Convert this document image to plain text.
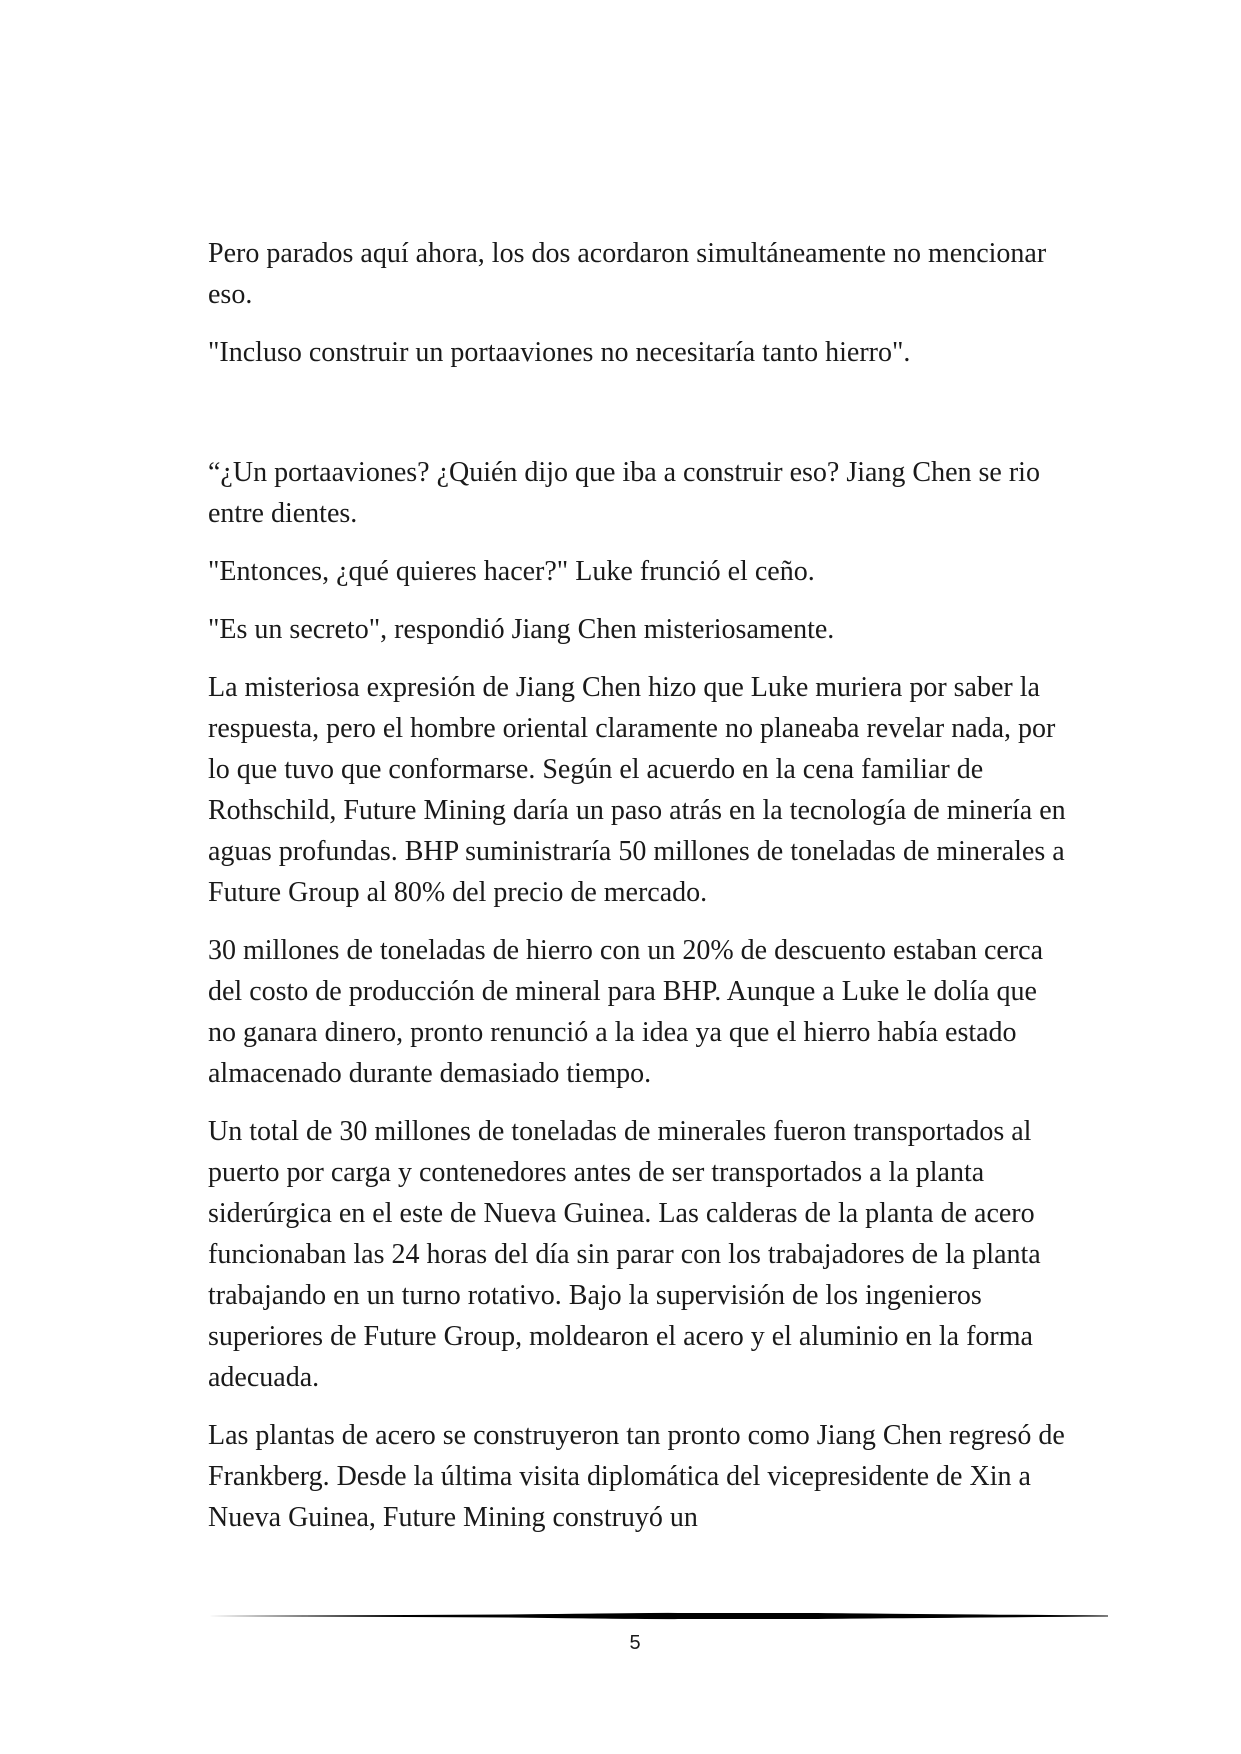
Pero parados aquí ahora, los dos acordaron simultáneamente no mencionar eso.

"Incluso construir un portaaviones no necesitaría tanto hierro".

“¿Un portaaviones? ¿Quién dijo que iba a construir eso? Jiang Chen se rio entre dientes.

"Entonces, ¿qué quieres hacer?" Luke frunció el ceño.

"Es un secreto", respondió Jiang Chen misteriosamente.

La misteriosa expresión de Jiang Chen hizo que Luke muriera por saber la respuesta, pero el hombre oriental claramente no planeaba revelar nada, por lo que tuvo que conformarse. Según el acuerdo en la cena familiar de Rothschild, Future Mining daría un paso atrás en la tecnología de minería en aguas profundas. BHP suministraría 50 millones de toneladas de minerales a Future Group al 80% del precio de mercado.

30 millones de toneladas de hierro con un 20% de descuento estaban cerca del costo de producción de mineral para BHP. Aunque a Luke le dolía que no ganara dinero, pronto renunció a la idea ya que el hierro había estado almacenado durante demasiado tiempo.

Un total de 30 millones de toneladas de minerales fueron transportados al puerto por carga y contenedores antes de ser transportados a la planta siderúrgica en el este de Nueva Guinea. Las calderas de la planta de acero funcionaban las 24 horas del día sin parar con los trabajadores de la planta trabajando en un turno rotativo. Bajo la supervisión de los ingenieros superiores de Future Group, moldearon el acero y el aluminio en la forma adecuada.

Las plantas de acero se construyeron tan pronto como Jiang Chen regresó de Frankberg. Desde la última visita diplomática del vicepresidente de Xin a Nueva Guinea, Future Mining construyó un

5
